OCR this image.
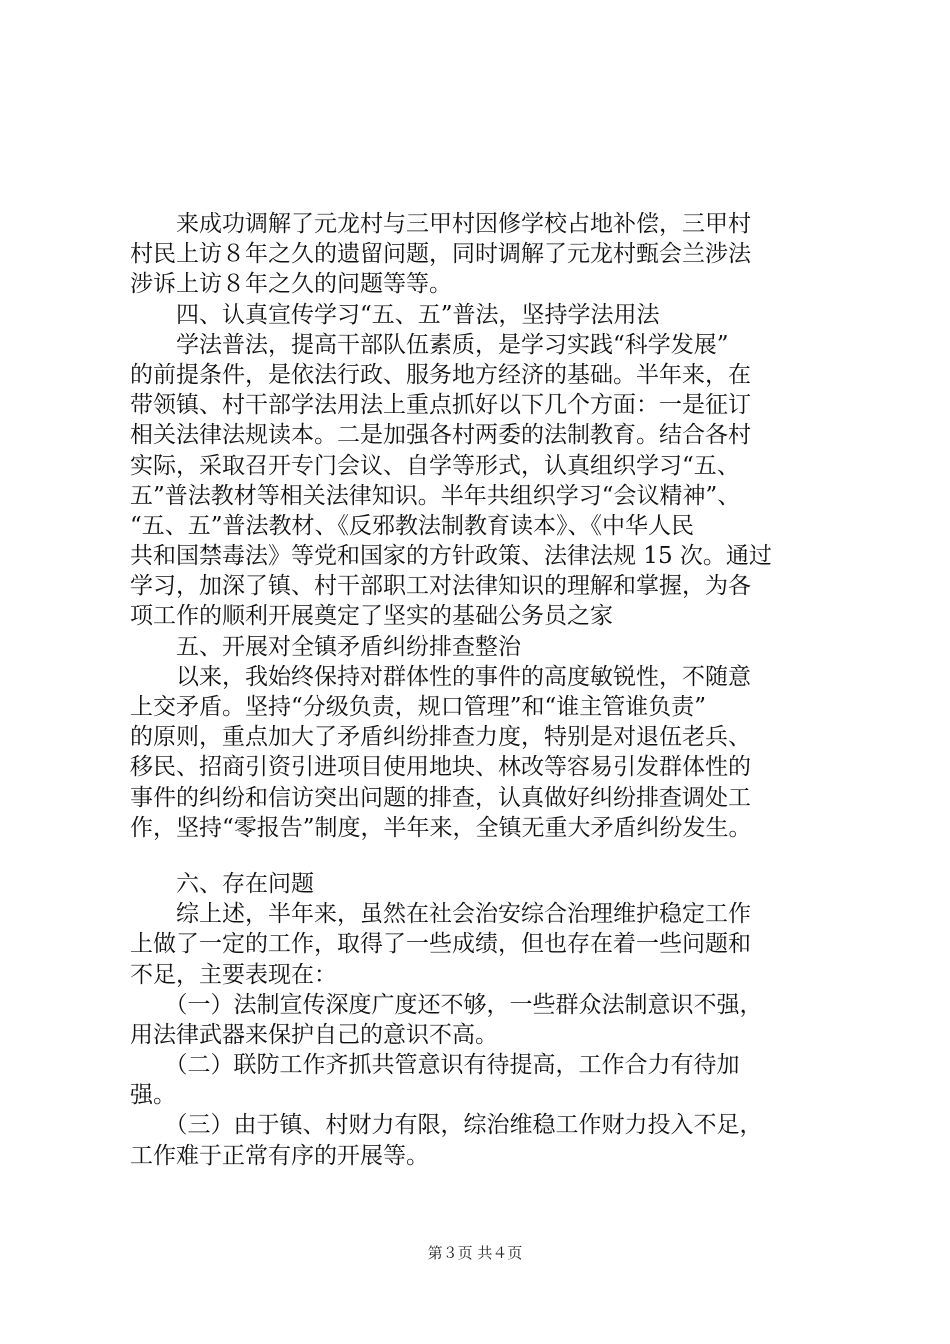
　　来成功调解了元龙村与三甲村因修学校占地补偿，三甲村
村民上访８年之久的遗留问题，同时调解了元龙村甄会兰涉法
涉诉上访８年之久的问题等等。
　　四、认真宣传学习“五、五”普法，坚持学法用法
　　学法普法，提高干部队伍素质，是学习实践“科学发展”
的前提条件，是依法行政、服务地方经济的基础。半年来，在
带领镇、村干部学法用法上重点抓好以下几个方面：一是征订
相关法律法规读本。二是加强各村两委的法制教育。结合各村
实际，采取召开专门会议、自学等形式，认真组织学习“五、
五”普法教材等相关法律知识。半年共组织学习“会议精神”、
“五、五”普法教材、《反邪教法制教育读本》、《中华人民
共和国禁毒法》等党和国家的方针政策、法律法规 15 次。通过
学习，加深了镇、村干部职工对法律知识的理解和掌握，为各
项工作的顺利开展奠定了坚实的基础公务员之家
　　五、开展对全镇矛盾纠纷排查整治
　　以来，我始终保持对群体性的事件的高度敏锐性，不随意
上交矛盾。坚持“分级负责，规口管理”和“谁主管谁负责”
的原则，重点加大了矛盾纠纷排查力度，特别是对退伍老兵、
移民、招商引资引进项目使用地块、林改等容易引发群体性的
事件的纠纷和信访突出问题的排查，认真做好纠纷排查调处工
作，坚持“零报告”制度，半年来，全镇无重大矛盾纠纷发生。
　　六、存在问题
　　综上述，半年来，虽然在社会治安综合治理维护稳定工作
上做了一定的工作，取得了一些成绩，但也存在着一些问题和
不足，主要表现在：
　　（一）法制宣传深度广度还不够，一些群众法制意识不强，
用法律武器来保护自己的意识不高。
　　（二）联防工作齐抓共管意识有待提高，工作合力有待加
强。
　　（三）由于镇、村财力有限，综治维稳工作财力投入不足，
工作难于正常有序的开展等。
第３页 共４页
